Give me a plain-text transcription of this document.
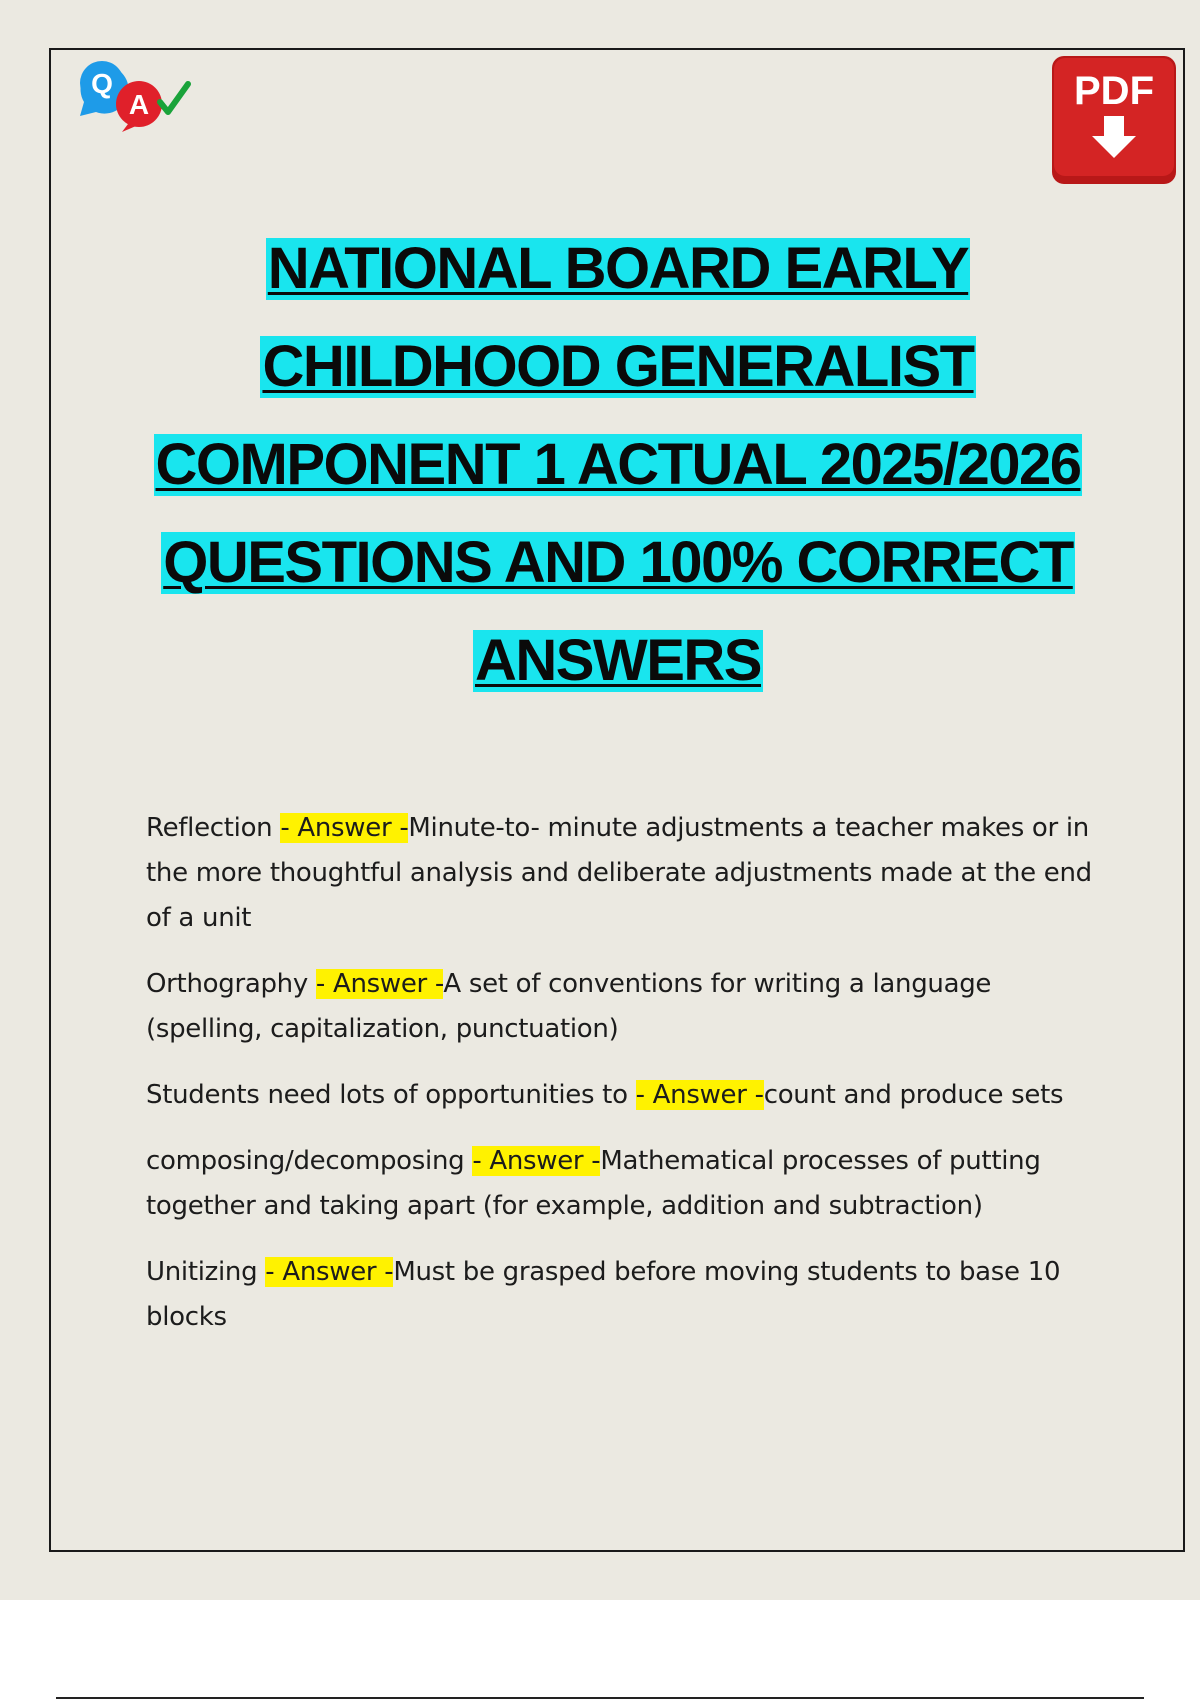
Q
A	PDF
NATIONAL BOARD EARLY
CHILDHOOD GENERALIST
COMPONENT 1 ACTUAL 2025/2026
QUESTIONS AND 100% CORRECT
ANSWERS
Reflection - Answer -Minute-to- minute adjustments a teacher makes or in the more thoughtful analysis and deliberate adjustments made at the end of a unit
Orthography - Answer -A set of conventions for writing a language (spelling, capitalization, punctuation)
Students need lots of opportunities to - Answer -count and produce sets
composing/decomposing - Answer -Mathematical processes of putting together and taking apart (for example, addition and subtraction)
Unitizing - Answer -Must be grasped before moving students to base 10 blocks
